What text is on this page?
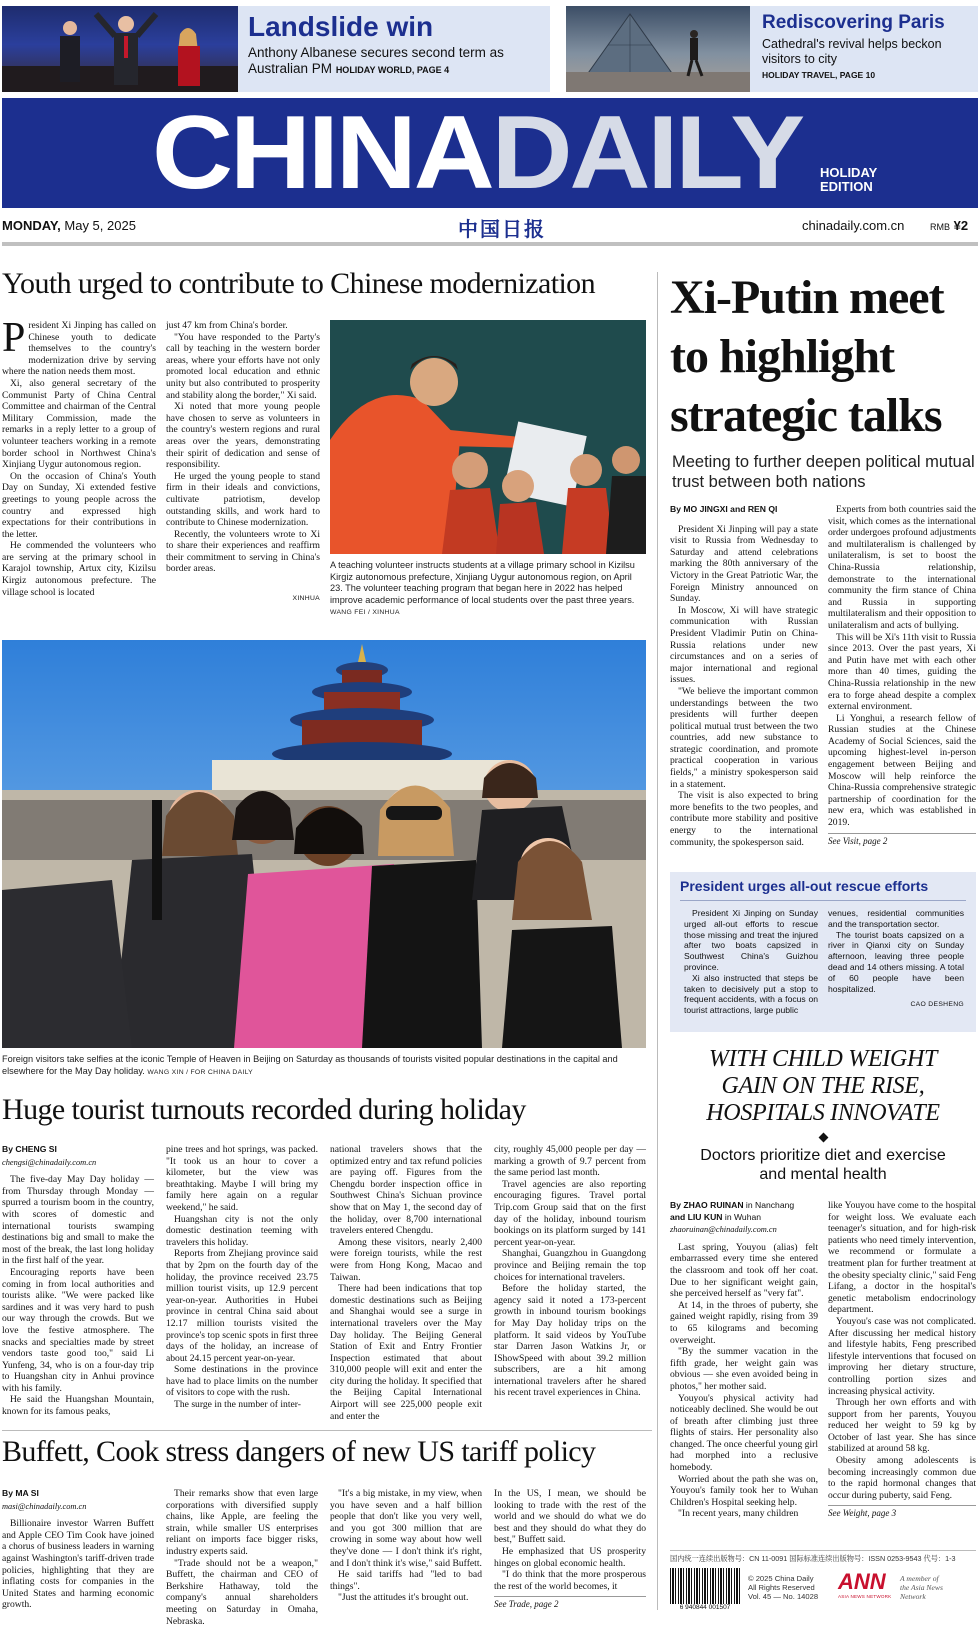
Landslide win
Anthony Albanese secures second term as Australian PM HOLIDAY WORLD, PAGE 4
Rediscovering Paris
Cathedral's revival helps beckon visitors to city
HOLIDAY TRAVEL, PAGE 10
CHINADAILY HOLIDAY
EDITION
MONDAY, May 5, 2025	中国日报	chinadaily.com.cn	RMB ¥2
Youth urged to contribute to Chinese modernization

President Xi Jinping has called on Chinese youth to dedicate themselves to the country's modernization drive by serving where the nation needs them most.

Xi, also general secretary of the Communist Party of China Central Committee and chairman of the Central Military Commission, made the remarks in a reply letter to a group of volunteer teachers working in a remote border school in Northwest China's Xinjiang Uygur autonomous region.

On the occasion of China's Youth Day on Sunday, Xi extended festive greetings to young people across the country and expressed high expectations for their contributions in the letter.

He commended the volunteers who are serving at the primary school in Karajol township, Artux city, Kizilsu Kirgiz autonomous prefecture. The village school is located

just 47 km from China's border.

"You have responded to the Party's call by teaching in the western border areas, where your efforts have not only promoted local education and ethnic unity but also contributed to prosperity and stability along the border," Xi said.

Xi noted that more young people have chosen to serve as volunteers in the country's western regions and rural areas over the years, demonstrating their spirit of dedication and sense of responsibility.

He urged the young people to stand firm in their ideals and convictions, cultivate patriotism, develop outstanding skills, and work hard to contribute to Chinese modernization.

Recently, the volunteers wrote to Xi to share their experiences and reaffirm their commitment to serving in China's border areas.

XINHUA
A teaching volunteer instructs students at a village primary school in Kizilsu Kirgiz autonomous prefecture, Xinjiang Uygur autonomous region, on April 23. The volunteer teaching program that began here in 2022 has helped improve academic performance of local students over the past three years. WANG FEI / XINHUA
Foreign visitors take selfies at the iconic Temple of Heaven in Beijing on Saturday as thousands of tourists visited popular destinations in the capital and elsewhere for the May Day holiday. WANG XIN / FOR CHINA DAILY
Huge tourist turnouts recorded during holiday
By CHENG SI
chengsi@chinadaily.com.cn

The five-day May Day holiday — from Thursday through Monday — spurred a tourism boom in the country, with scores of domestic and international tourists swamping destinations big and small to make the most of the break, the last long holiday in the first half of the year.

Encouraging reports have been coming in from local authorities and tourists alike. "We were packed like sardines and it was very hard to push our way through the crowds. But we love the festive atmosphere. The snacks and specialties made by street vendors taste good too," said Li Yunfeng, 34, who is on a four-day trip to Huangshan city in Anhui province with his family.

He said the Huangshan Mountain, known for its famous peaks,

pine trees and hot springs, was packed. "It took us an hour to cover a kilometer, but the view was breathtaking. Maybe I will bring my family here again on a regular weekend," he said.

Huangshan city is not the only domestic destination teeming with travelers this holiday.

Reports from Zhejiang province said that by 2pm on the fourth day of the holiday, the province received 23.75 million tourist visits, up 12.9 percent year-on-year. Authorities in Hubei province in central China said about 12.17 million tourists visited the province's top scenic spots in first three days of the holiday, an increase of about 24.15 percent year-on-year.

Some destinations in the province have had to place limits on the number of visitors to cope with the rush.

The surge in the number of inter-

national travelers shows that the optimized entry and tax refund policies are paying off. Figures from the Chengdu border inspection office in Southwest China's Sichuan province show that on May 1, the second day of the holiday, over 8,700 international travelers entered Chengdu.

Among these visitors, nearly 2,400 were foreign tourists, while the rest were from Hong Kong, Macao and Taiwan.

There had been indications that top domestic destinations such as Beijing and Shanghai would see a surge in international travelers over the May Day holiday. The Beijing General Station of Exit and Entry Frontier Inspection estimated that about 310,000 people will exit and enter the city during the holiday. It specified that the Beijing Capital International Airport will see 225,000 people exit and enter the

city, roughly 45,000 people per day — marking a growth of 9.7 percent from the same period last month.

Travel agencies are also reporting encouraging figures. Travel portal Trip.com Group said that on the first day of the holiday, inbound tourism bookings on its platform surged by 141 percent year-on-year.

Shanghai, Guangzhou in Guangdong province and Beijing remain the top choices for international travelers.

Before the holiday started, the agency said it noted a 173-percent growth in inbound tourism bookings for May Day holiday trips on the platform. It said videos by YouTube star Darren Jason Watkins Jr, or IShowSpeed with about 39.2 million subscribers, are a hit among international travelers after he shared his recent travel experiences in China.

Buffett, Cook stress dangers of new US tariff policy
By MA SI
masi@chinadaily.com.cn

Billionaire investor Warren Buffett and Apple CEO Tim Cook have joined a chorus of business leaders in warning against Washington's tariff-driven trade policies, highlighting that they are inflating costs for companies in the United States and harming economic growth.

Their remarks show that even large corporations with diversified supply chains, like Apple, are feeling the strain, while smaller US enterprises reliant on imports face bigger risks, industry experts said.

"Trade should not be a weapon," Buffett, the chairman and CEO of Berkshire Hathaway, told the company's annual shareholders meeting on Saturday in Omaha, Nebraska.

"It's a big mistake, in my view, when you have seven and a half billion people that don't like you very well, and you got 300 million that are crowing in some way about how well they've done — I don't think it's right, and I don't think it's wise," said Buffett.

He said tariffs had "led to bad things".

"Just the attitudes it's brought out.

In the US, I mean, we should be looking to trade with the rest of the world and we should do what we do best and they should do what they do best," Buffett said.

He emphasized that US prosperity hinges on global economic health.

"I do think that the more prosperous the rest of the world becomes, it

See Trade, page 2
Xi-Putin meet to highlight strategic talks
Meeting to further deepen political mutual trust between both nations
By MO JINGXI and REN QI

President Xi Jinping will pay a state visit to Russia from Wednesday to Saturday and attend celebrations marking the 80th anniversary of the Victory in the Great Patriotic War, the Foreign Ministry announced on Sunday.

In Moscow, Xi will have strategic communication with Russian President Vladimir Putin on China-Russia relations under new circumstances and on a series of major international and regional issues.

"We believe the important common understandings between the two presidents will further deepen political mutual trust between the two countries, add new substance to strategic coordination, and promote practical cooperation in various fields," a ministry spokesperson said in a statement.

The visit is also expected to bring more benefits to the two peoples, and contribute more stability and positive energy to the international community, the spokesperson said.

Experts from both countries said the visit, which comes as the international order undergoes profound adjustments and multilateralism is challenged by unilateralism, is set to boost the China-Russia relationship, demonstrate to the international community the firm stance of China and Russia in supporting multilateralism and their opposition to unilateralism and acts of bullying.

This will be Xi's 11th visit to Russia since 2013. Over the past years, Xi and Putin have met with each other more than 40 times, guiding the China-Russia relationship in the new era to forge ahead despite a complex external environment.

Li Yonghui, a research fellow of Russian studies at the Chinese Academy of Social Sciences, said the upcoming highest-level in-person engagement between Beijing and Moscow will help reinforce the China-Russia comprehensive strategic partnership of coordination for the new era, which was established in 2019.

See Visit, page 2
President urges all-out rescue efforts

President Xi Jinping on Sunday urged all-out efforts to rescue those missing and treat the injured after two boats capsized in Southwest China's Guizhou province.

Xi also instructed that steps be taken to decisively put a stop to frequent accidents, with a focus on tourist attractions, large public

venues, residential communities and the transportation sector.

The tourist boats capsized on a river in Qianxi city on Sunday afternoon, leaving three people dead and 14 others missing. A total of 60 people have been hospitalized.

CAO DESHENG
WITH CHILD WEIGHT
GAIN ON THE RISE,
HOSPITALS INNOVATE
Doctors prioritize diet and exercise and mental health
By ZHAO RUINAN in Nanchang
and LIU KUN in Wuhan
zhaoruinan@chinadaily.com.cn

Last spring, Youyou (alias) felt embarrassed every time she entered the classroom and took off her coat. Due to her significant weight gain, she perceived herself as "very fat".

At 14, in the throes of puberty, she gained weight rapidly, rising from 39 to 65 kilograms and becoming overweight.

"By the summer vacation in the fifth grade, her weight gain was obvious — she even avoided being in photos," her mother said.

Youyou's physical activity had noticeably declined. She would be out of breath after climbing just three flights of stairs. Her personality also changed. The once cheerful young girl had morphed into a reclusive homebody.

Worried about the path she was on, Youyou's family took her to Wuhan Children's Hospital seeking help.

"In recent years, many children

like Youyou have come to the hospital for weight loss. We evaluate each teenager's situation, and for high-risk patients who need timely intervention, we recommend or formulate a treatment plan for further treatment at the obesity specialty clinic," said Feng Lifang, a doctor in the hospital's genetic metabolism endocrinology department.

Youyou's case was not complicated. After discussing her medical history and lifestyle habits, Feng prescribed lifestyle interventions that focused on improving her dietary structure, controlling portion sizes and increasing physical activity.

Through her own efforts and with support from her parents, Youyou reduced her weight to 59 kg by October of last year. She has since stabilized at around 58 kg.

Obesity among adolescents is becoming increasingly common due to the rapid hormonal changes that occur during puberty, said Feng.

See Weight, page 3
国内统一连续出版物号：CN 11-0091 国际标准连续出版物号：ISSN 0253-9543 代号：1-3
6 940844 001507
© 2025 China Daily
All Rights Reserved
Vol. 45 — No. 14028
ANN
ASIA NEWS NETWORK
A member of
the Asia News
Network
